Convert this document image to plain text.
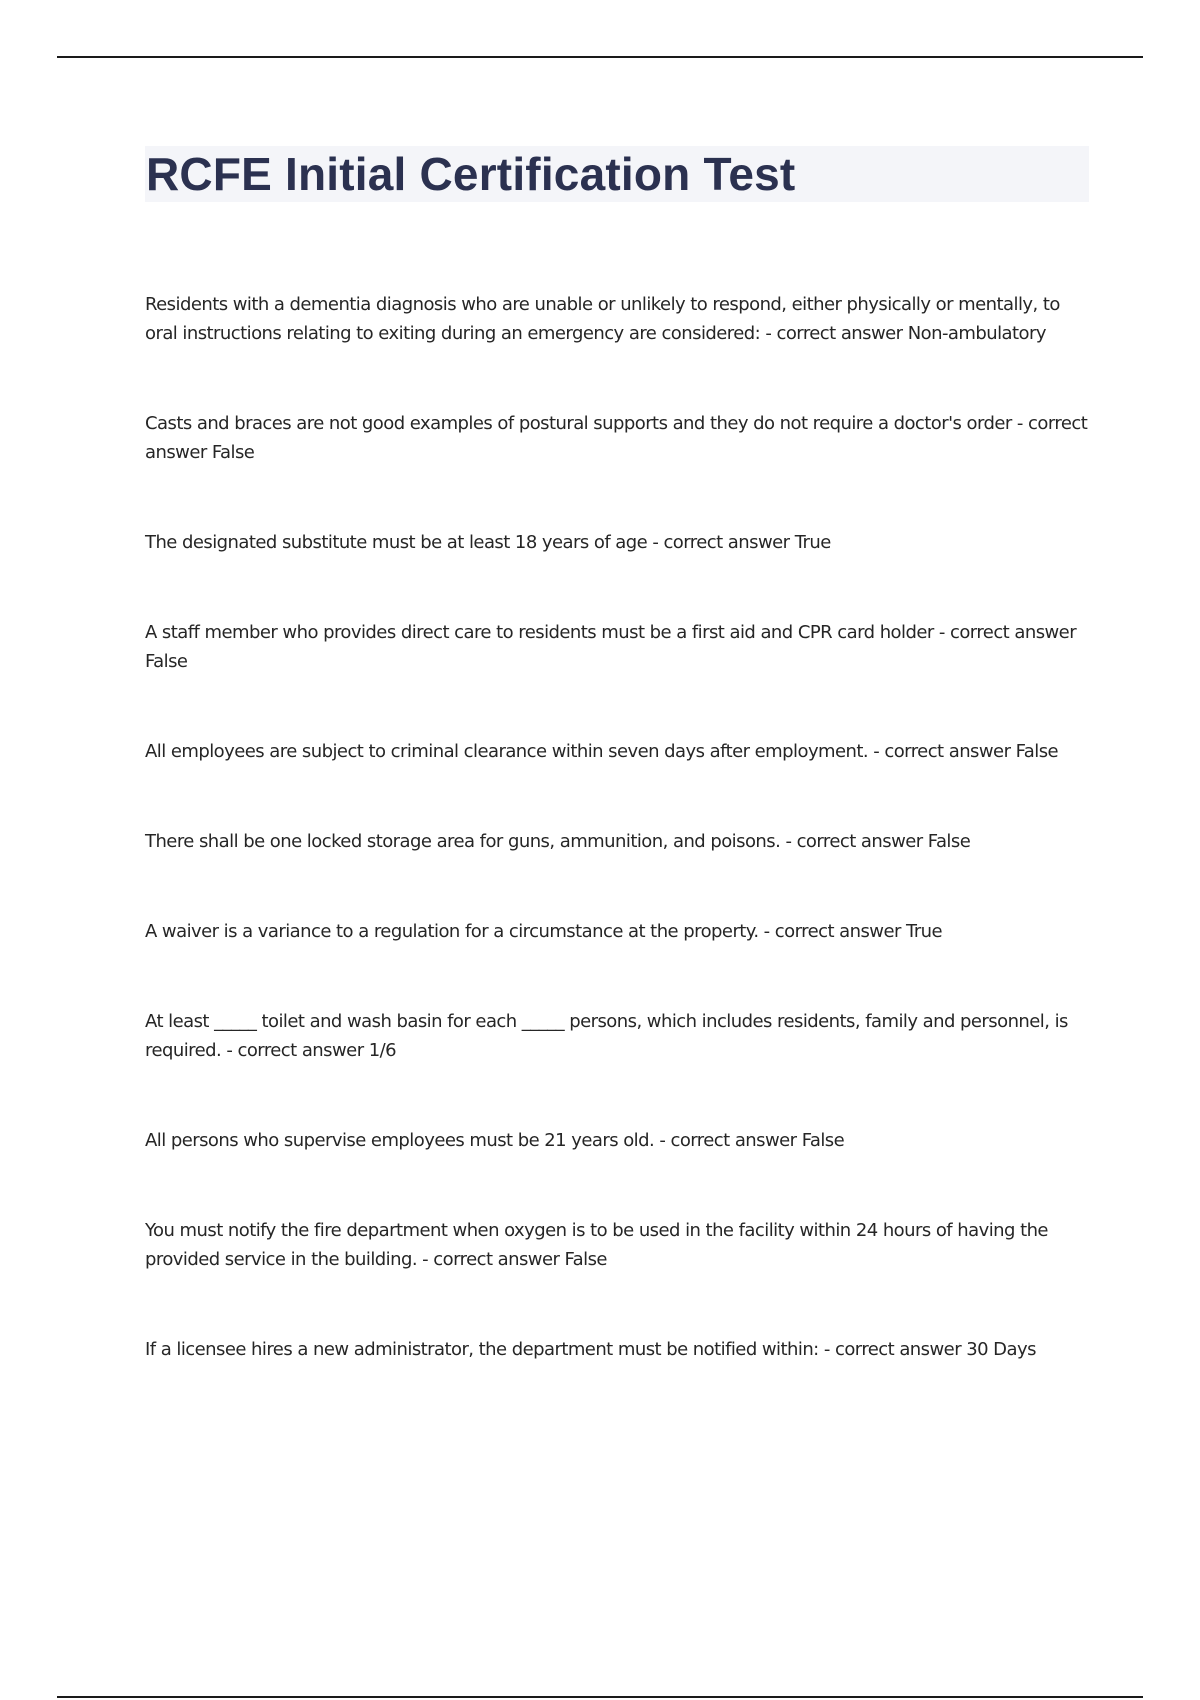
RCFE Initial Certification Test
Residents with a dementia diagnosis who are unable or unlikely to respond, either physically or mentally, to oral instructions relating to exiting during an emergency are considered: - correct answer Non-ambulatory
Casts and braces are not good examples of postural supports and they do not require a doctor's order - correct answer False
The designated substitute must be at least 18 years of age - correct answer True
A staff member who provides direct care to residents must be a first aid and CPR card holder - correct answer False
All employees are subject to criminal clearance within seven days after employment. - correct answer False
There shall be one locked storage area for guns, ammunition, and poisons. - correct answer False
A waiver is a variance to a regulation for a circumstance at the property. - correct answer True
At least _____ toilet and wash basin for each _____ persons, which includes residents, family and personnel, is required. - correct answer 1/6
All persons who supervise employees must be 21 years old. - correct answer False
You must notify the fire department when oxygen is to be used in the facility within 24 hours of having the provided service in the building. - correct answer False
If a licensee hires a new administrator, the department must be notified within: - correct answer 30 Days
